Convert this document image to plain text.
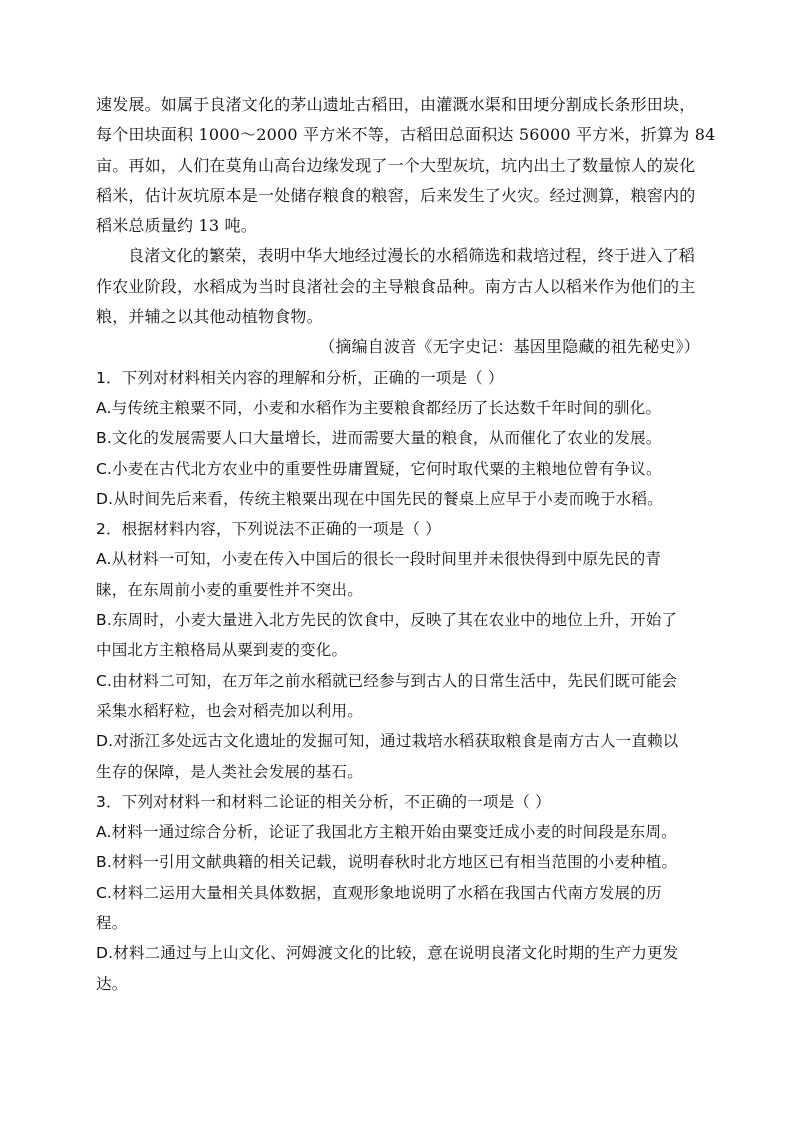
速发展。如属于良渚文化的茅山遗址古稻田，由灌溉水渠和田埂分割成长条形田块，
每个田块面积 1000～2000 平方米不等，古稻田总面积达 56000 平方米，折算为 84
亩。再如，人们在莫角山高台边缘发现了一个大型灰坑，坑内出土了数量惊人的炭化
稻米，估计灰坑原本是一处储存粮食的粮窖，后来发生了火灾。经过测算，粮窖内的
稻米总质量约 13 吨。
良渚文化的繁荣，表明中华大地经过漫长的水稻筛选和栽培过程，终于进入了稻
作农业阶段，水稻成为当时良渚社会的主导粮食品种。南方古人以稻米作为他们的主
粮，并辅之以其他动植物食物。
（摘编自波音《无字史记：基因里隐藏的祖先秘史》）
1．下列对材料相关内容的理解和分析，正确的一项是（ ）
A.与传统主粮粟不同，小麦和水稻作为主要粮食都经历了长达数千年时间的驯化。
B.文化的发展需要人口大量增长，进而需要大量的粮食，从而催化了农业的发展。
C.小麦在古代北方农业中的重要性毋庸置疑，它何时取代粟的主粮地位曾有争议。
D.从时间先后来看，传统主粮粟出现在中国先民的餐桌上应早于小麦而晚于水稻。
2．根据材料内容，下列说法不正确的一项是（ ）
A.从材料一可知，小麦在传入中国后的很长一段时间里并未很快得到中原先民的青
睐，在东周前小麦的重要性并不突出。
B.东周时，小麦大量进入北方先民的饮食中，反映了其在农业中的地位上升，开始了
中国北方主粮格局从粟到麦的变化。
C.由材料二可知，在万年之前水稻就已经参与到古人的日常生活中，先民们既可能会
采集水稻籽粒，也会对稻壳加以利用。
D.对浙江多处远古文化遗址的发掘可知，通过栽培水稻获取粮食是南方古人一直赖以
生存的保障，是人类社会发展的基石。
3．下列对材料一和材料二论证的相关分析，不正确的一项是（ ）
A.材料一通过综合分析，论证了我国北方主粮开始由粟变迁成小麦的时间段是东周。
B.材料一引用文献典籍的相关记载，说明春秋时北方地区已有相当范围的小麦种植。
C.材料二运用大量相关具体数据，直观形象地说明了水稻在我国古代南方发展的历
程。
D.材料二通过与上山文化、河姆渡文化的比较，意在说明良渚文化时期的生产力更发
达。
